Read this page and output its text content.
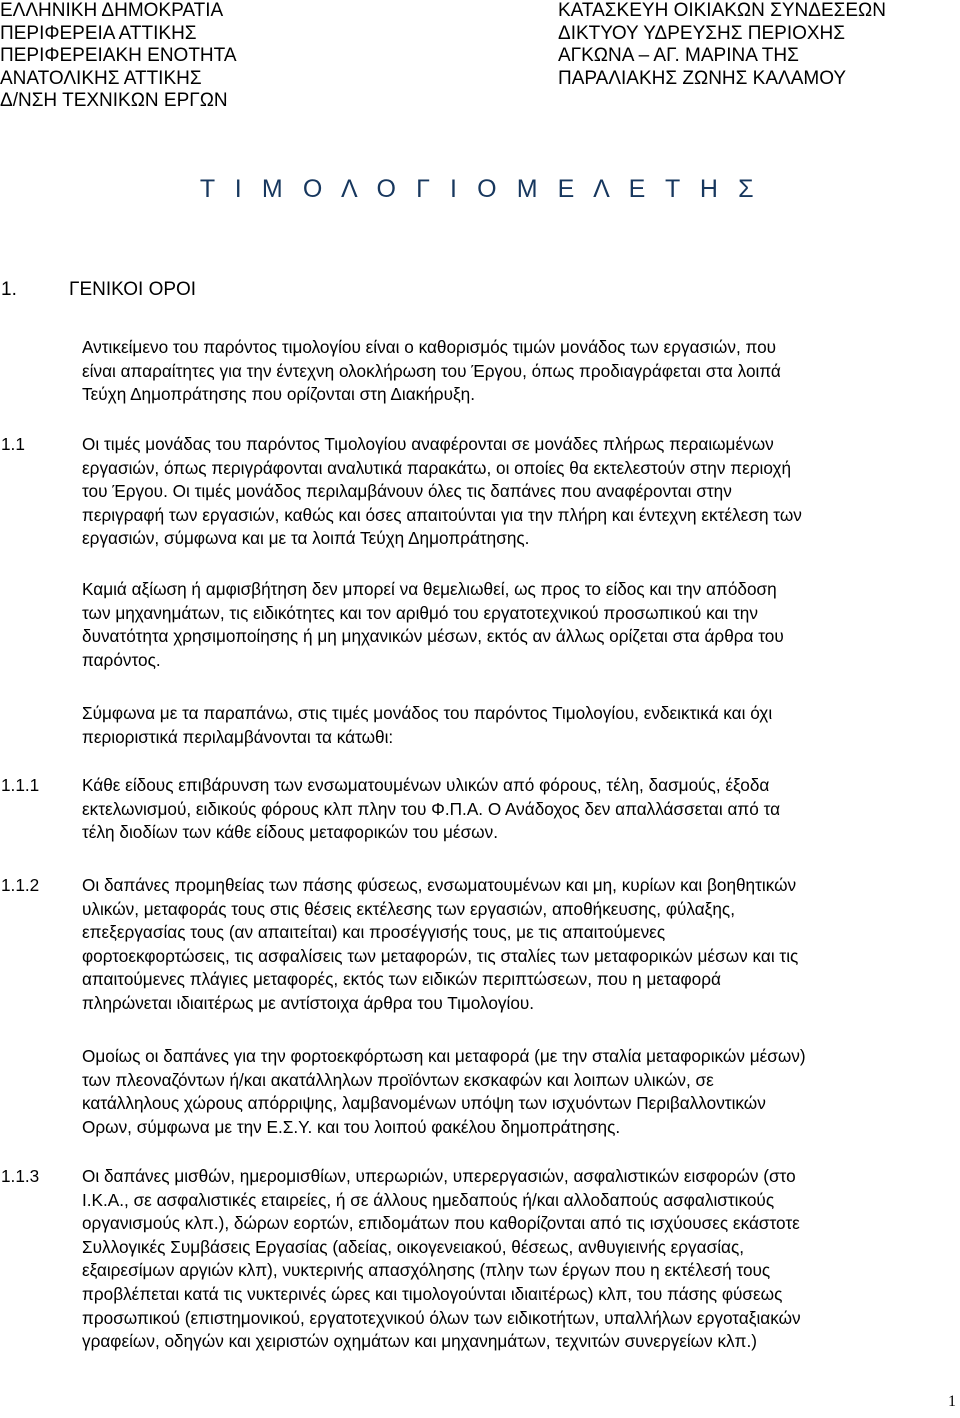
ΕΛΛΗΝΙΚΗ ΔΗΜΟΚΡΑΤΙΑ
ΠΕΡΙΦΕΡΕΙΑ ΑΤΤΙΚΗΣ
ΠΕΡΙΦΕΡΕΙΑΚΗ ΕΝΟΤΗΤΑ
ΑΝΑΤΟΛΙΚΗΣ ΑΤΤΙΚΗΣ
Δ/ΝΣΗ ΤΕΧΝΙΚΩΝ ΕΡΓΩΝ
ΚΑΤΑΣΚΕΥΗ ΟΙΚΙΑΚΩΝ ΣΥΝΔΕΣΕΩΝ
ΔΙΚΤΥΟΥ ΥΔΡΕΥΣΗΣ ΠΕΡΙΟΧΗΣ
ΑΓΚΩΝΑ – ΑΓ. ΜΑΡΙΝΑ ΤΗΣ
ΠΑΡΑΛΙΑΚΗΣ ΖΩΝΗΣ ΚΑΛΑΜΟΥ
Τ Ι Μ Ο Λ Ο Γ Ι Ο Μ Ε Λ Ε Τ Η Σ
1.	ΓΕΝΙΚΟΙ ΟΡΟΙ
Αντικείμενο του παρόντος τιμολογίου είναι ο καθορισμός τιμών μονάδος των εργασιών, που
είναι απαραίτητες για την έντεχνη ολοκλήρωση του Έργου, όπως προδιαγράφεται στα λοιπά
Τεύχη Δημοπράτησης που ορίζονται στη Διακήρυξη.
1.1	Οι τιμές μονάδας του παρόντος Τιμολογίου αναφέρονται σε μονάδες πλήρως περαιωμένων
εργασιών, όπως περιγράφονται αναλυτικά παρακάτω, οι οποίες θα εκτελεστούν στην περιοχή
του Έργου. Οι τιμές μονάδος περιλαμβάνουν όλες τις δαπάνες που αναφέρονται στην
περιγραφή των εργασιών, καθώς και όσες απαιτούνται για την πλήρη και έντεχνη εκτέλεση των
εργασιών, σύμφωνα και με τα λοιπά Τεύχη Δημοπράτησης.
Καμιά αξίωση ή αμφισβήτηση δεν μπορεί να θεμελιωθεί, ως προς το είδος και την απόδοση
των μηχανημάτων, τις ειδικότητες και τον αριθμό του εργατοτεχνικού προσωπικού και την
δυνατότητα χρησιμοποίησης ή μη μηχανικών μέσων, εκτός αν άλλως ορίζεται στα άρθρα του
παρόντος.
Σύμφωνα με τα παραπάνω, στις τιμές μονάδος του παρόντος Τιμολογίου, ενδεικτικά και όχι
περιοριστικά περιλαμβάνονται τα κάτωθι:
1.1.1 Κάθε είδους επιβάρυνση των ενσωματουμένων υλικών από φόρους, τέλη, δασμούς, έξοδα
εκτελωνισμού, ειδικούς φόρους κλπ πλην του Φ.Π.Α. Ο Ανάδοχος δεν απαλλάσσεται από τα
τέλη διοδίων των κάθε είδους μεταφορικών του μέσων.
1.1.2 Οι δαπάνες προμηθείας των πάσης φύσεως, ενσωματουμένων και μη, κυρίων και βοηθητικών
υλικών, μεταφοράς τους στις θέσεις εκτέλεσης των εργασιών, αποθήκευσης, φύλαξης,
επεξεργασίας τους (αν απαιτείται) και προσέγγισής τους, με τις απαιτούμενες
φορτοεκφορτώσεις, τις ασφαλίσεις των μεταφορών, τις σταλίες των μεταφορικών μέσων και τις
απαιτούμενες πλάγιες μεταφορές, εκτός των ειδικών περιπτώσεων, που η μεταφορά
πληρώνεται ιδιαιτέρως με αντίστοιχα άρθρα του Τιμολογίου.
Ομοίως οι δαπάνες για την φορτοεκφόρτωση και μεταφορά (με την σταλία μεταφορικών μέσων)
των πλεοναζόντων ή/και ακατάλληλων προϊόντων εκσκαφών και λοιπων υλικών, σε
κατάλληλους χώρους απόρριψης, λαμβανομένων υπόψη των ισχυόντων Περιβαλλοντικών
Ορων, σύμφωνα με την Ε.Σ.Υ. και του λοιπού φακέλου δημοπράτησης.
1.1.3 Οι δαπάνες μισθών, ημερομισθίων, υπερωριών, υπερεργασιών, ασφαλιστικών εισφορών (στο
Ι.Κ.Α., σε ασφαλιστικές εταιρείες, ή σε άλλους ημεδαπούς ή/και αλλοδαπούς ασφαλιστικούς
οργανισμούς κλπ.), δώρων εορτών, επιδομάτων που καθορίζονται από τις ισχύουσες εκάστοτε
Συλλογικές Συμβάσεις Εργασίας (αδείας, οικογενειακού, θέσεως, ανθυγιεινής εργασίας,
εξαιρεσίμων αργιών κλπ), νυκτερινής απασχόλησης (πλην των έργων που η εκτέλεσή τους
προβλέπεται κατά τις νυκτερινές ώρες και τιμολογούνται ιδιαιτέρως) κλπ, του πάσης φύσεως
προσωπικού (επιστημονικού, εργατοτεχνικού όλων των ειδικοτήτων, υπαλλήλων εργοταξιακών
γραφείων, οδηγών και χειριστών οχημάτων και μηχανημάτων, τεχνιτών συνεργείων κλπ.)
1
